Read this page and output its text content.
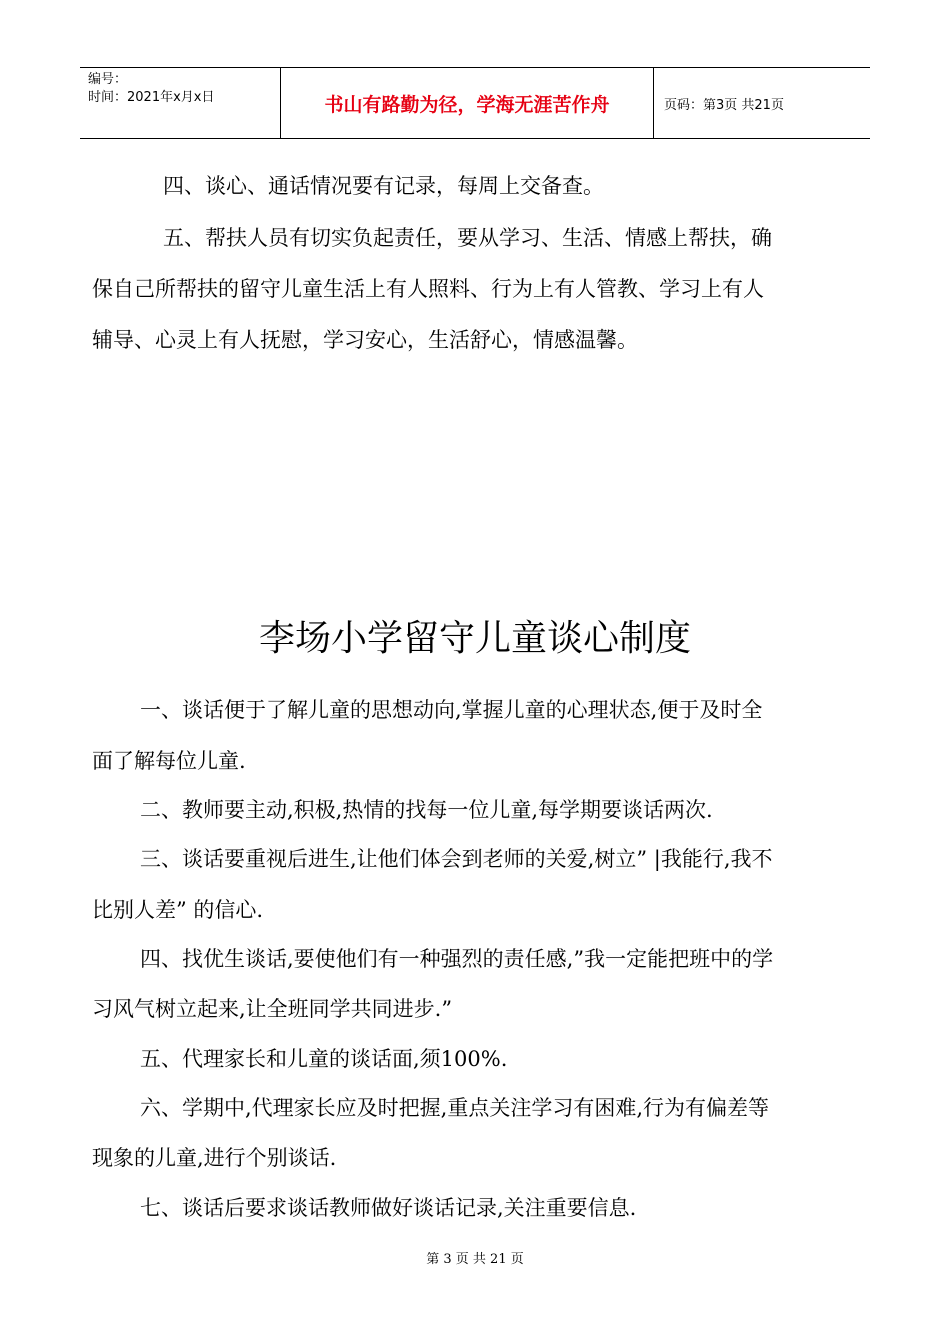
编号：
时间：2021年x月x日	书山有路勤为径，学海无涯苦作舟	页码：第3页 共21页
四、谈心、通话情况要有记录，每周上交备查。
五、帮扶人员有切实负起责任，要从学习、生活、情感上帮扶，确
保自己所帮扶的留守儿童生活上有人照料、行为上有人管教、学习上有人
辅导、心灵上有人抚慰，学习安心，生活舒心，情感温馨。
李场小学留守儿童谈心制度
一、谈话便于了解儿童的思想动向,掌握儿童的心理状态,便于及时全
面了解每位儿童.
二、教师要主动,积极,热情的找每一位儿童,每学期要谈话两次.
三、谈话要重视后进生,让他们体会到老师的关爱,树立” |我能行,我不
比别人差” 的信心.
四、找优生谈话,要使他们有一种强烈的责任感,”我一定能把班中的学
习风气树立起来,让全班同学共同进步.”
五、代理家长和儿童的谈话面,须100%.
六、学期中,代理家长应及时把握,重点关注学习有困难,行为有偏差等
现象的儿童,进行个别谈话.
七、谈话后要求谈话教师做好谈话记录,关注重要信息.
第 3 页 共 21 页
